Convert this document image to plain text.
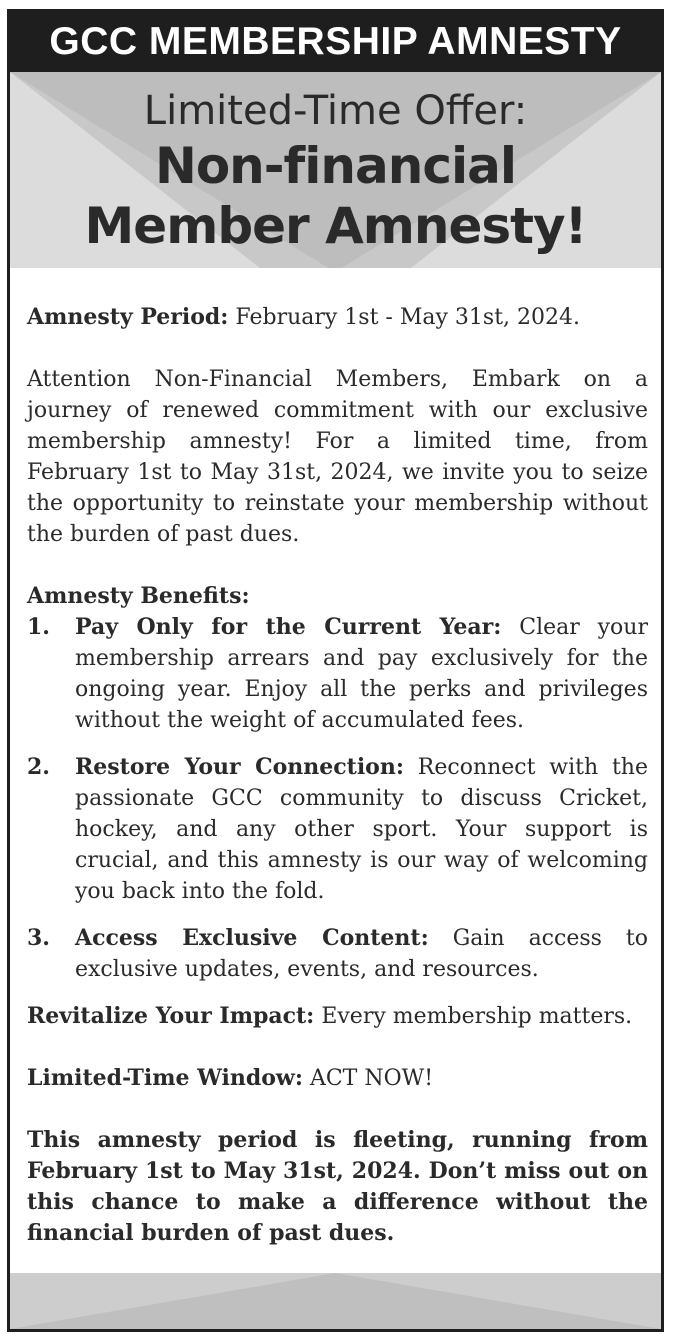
GCC MEMBERSHIP AMNESTY
Limited-Time Offer:
Non-financial
Member Amnesty!

Amnesty Period: February 1st - May 31st, 2024.

Attention Non-Financial Members, Embark on a journey of renewed commitment with our exclusive membership amnesty! For a limited time, from February 1st to May 31st, 2024, we invite you to seize the opportunity to reinstate your membership without the burden of past dues.

Amnesty Benefits:

1. Pay Only for the Current Year: Clear your membership arrears and pay exclusively for the ongoing year. Enjoy all the perks and privileges without the weight of accumulated fees.
2. Restore Your Connection: Reconnect with the passionate GCC community to discuss Cricket, hockey, and any other sport. Your support is crucial, and this amnesty is our way of welcoming you back into the fold.
3. Access Exclusive Content: Gain access to exclusive updates, events, and resources.

Revitalize Your Impact: Every membership matters.

Limited-Time Window: ACT NOW!

This amnesty period is fleeting, running from February 1st to May 31st, 2024. Don’t miss out on this chance to make a difference without the financial burden of past dues.
